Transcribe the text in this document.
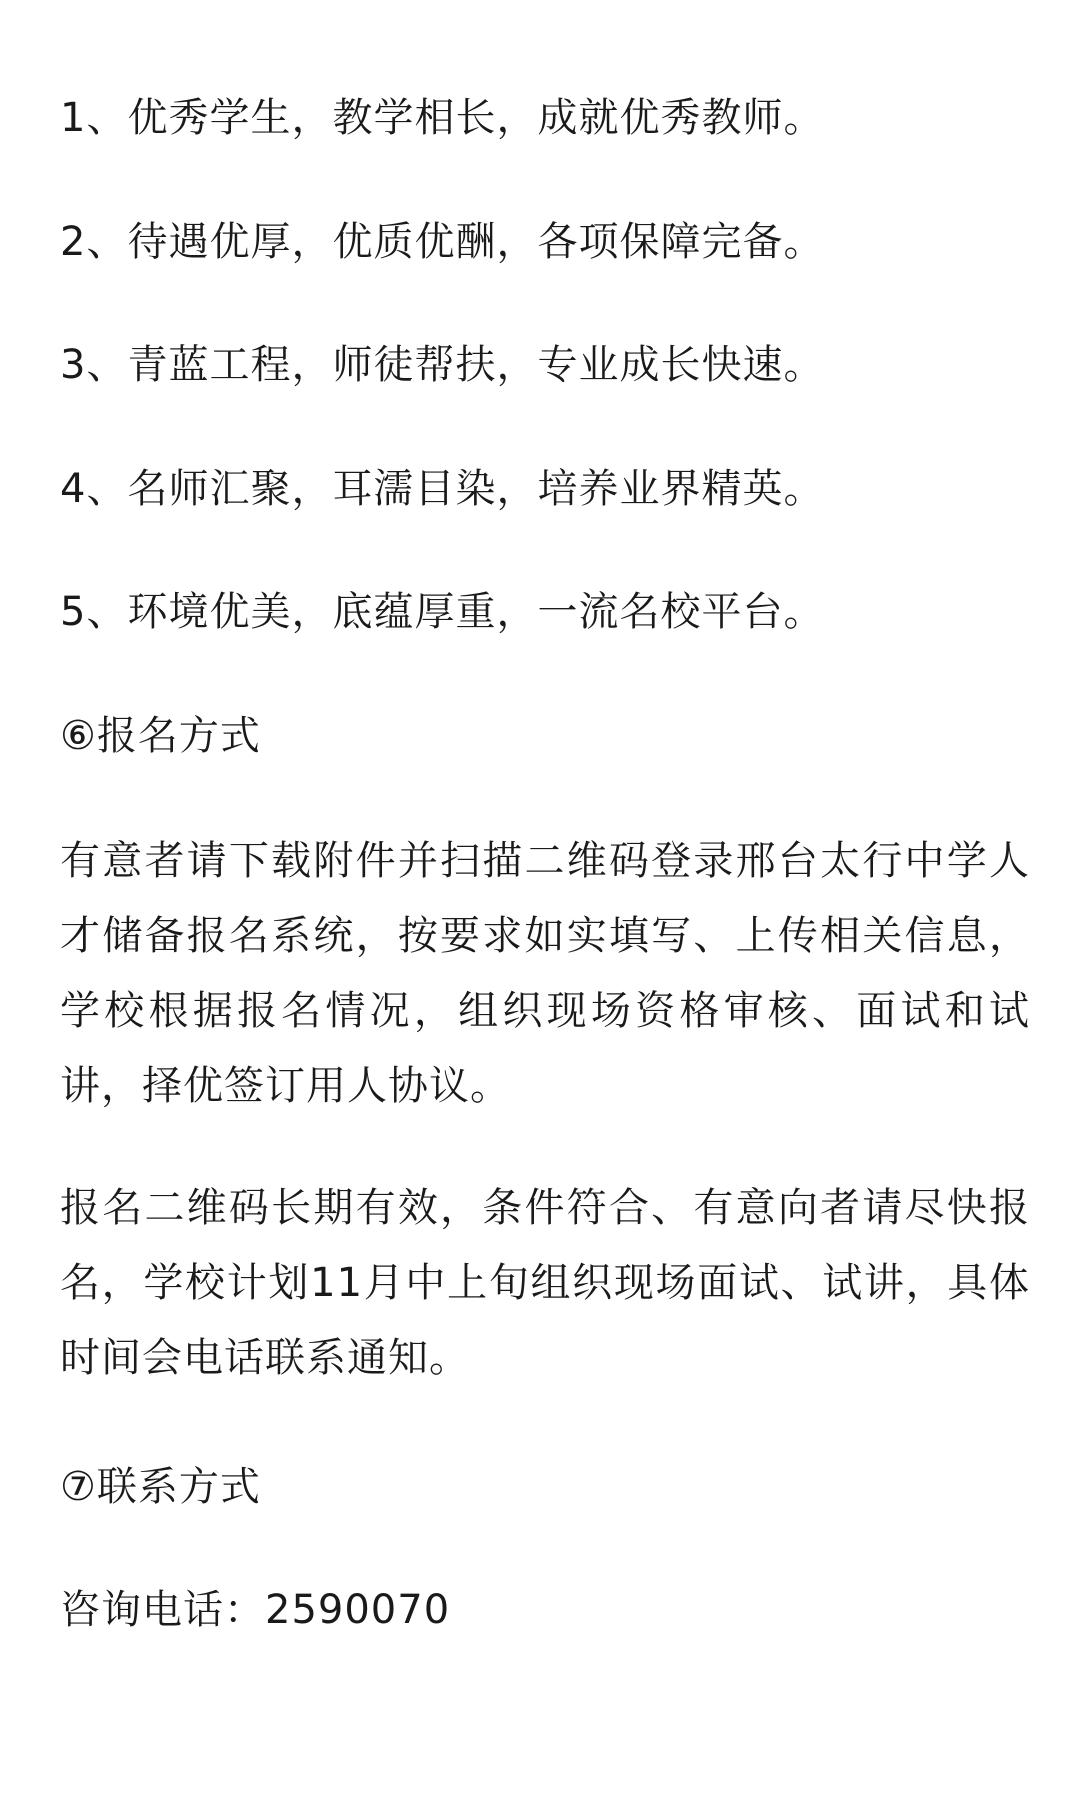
1、优秀学生，教学相长，成就优秀教师。

2、待遇优厚，优质优酬，各项保障完备。

3、青蓝工程，师徒帮扶，专业成长快速。

4、名师汇聚，耳濡目染，培养业界精英。

5、环境优美，底蕴厚重，一流名校平台。

⑥报名方式

有意者请下载附件并扫描二维码登录邢台太行中学人才储备报名系统，按要求如实填写、上传相关信息，学校根据报名情况，组织现场资格审核、面试和试讲，择优签订用人协议。

报名二维码长期有效，条件符合、有意向者请尽快报名，学校计划11月中上旬组织现场面试、试讲，具体时间会电话联系通知。

⑦联系方式

咨询电话：2590070
